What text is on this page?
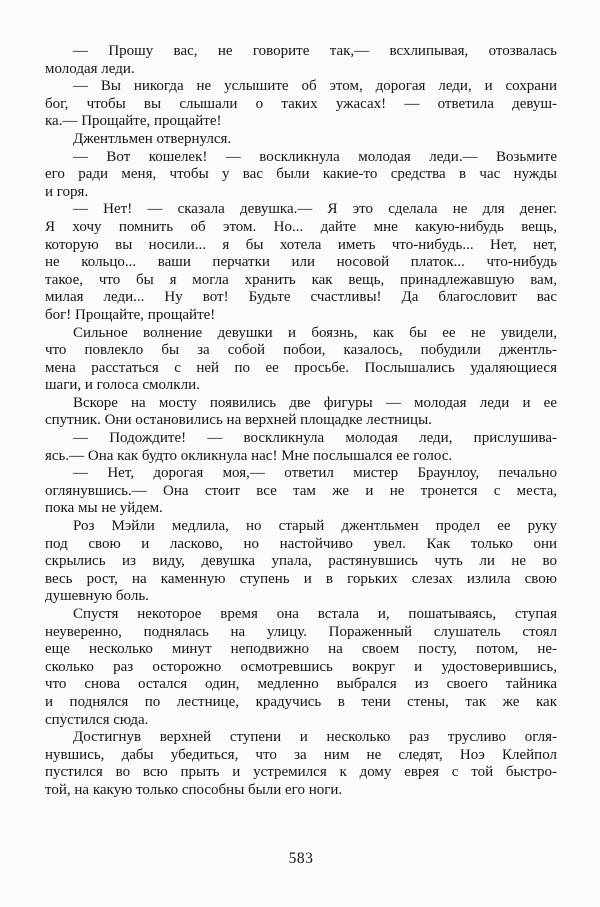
— Прошу вас, не говорите так,— всхлипывая, отозвалась
молодая леди.
— Вы никогда не услышите об этом, дорогая леди, и сохрани
бог, чтобы вы слышали о таких ужасах! — ответила девуш-
ка.— Прощайте, прощайте!
Джентльмен отвернулся.
— Вот кошелек! — воскликнула молодая леди.— Возьмите
его ради меня, чтобы у вас были какие-то средства в час нужды
и горя.
— Нет! — сказала девушка.— Я это сделала не для денег.
Я хочу помнить об этом. Но... дайте мне какую-нибудь вещь,
которую вы носили... я бы хотела иметь что-нибудь... Нет, нет,
не кольцо... ваши перчатки или носовой платок... что-нибудь
такое, что бы я могла хранить как вещь, принадлежавшую вам,
милая леди... Ну вот! Будьте счастливы! Да благословит вас
бог! Прощайте, прощайте!
Сильное волнение девушки и боязнь, как бы ее не увидели,
что повлекло бы за собой побои, казалось, побудили джентль-
мена расстаться с ней по ее просьбе. Послышались удаляющиеся
шаги, и голоса смолкли.
Вскоре на мосту появились две фигуры — молодая леди и ее
спутник. Они остановились на верхней площадке лестницы.
— Подождите! — воскликнула молодая леди, прислушива-
ясь.— Она как будто окликнула нас! Мне послышался ее голос.
— Нет, дорогая моя,— ответил мистер Браунлоу, печально
оглянувшись.— Она стоит все там же и не тронется с места,
пока мы не уйдем.
Роз Мэйли медлила, но старый джентльмен продел ее руку
под свою и ласково, но настойчиво увел. Как только они
скрылись из виду, девушка упала, растянувшись чуть ли не во
весь рост, на каменную ступень и в горьких слезах излила свою
душевную боль.
Спустя некоторое время она встала и, пошатываясь, ступая
неуверенно, поднялась на улицу. Пораженный слушатель стоял
еще несколько минут неподвижно на своем посту, потом, не-
сколько раз осторожно осмотревшись вокруг и удостоверившись,
что снова остался один, медленно выбрался из своего тайника
и поднялся по лестнице, крадучись в тени стены, так же как
спустился сюда.
Достигнув верхней ступени и несколько раз трусливо огля-
нувшись, дабы убедиться, что за ним не следят, Ноэ Клейпол
пустился во всю прыть и устремился к дому еврея с той быстро-
той, на какую только способны были его ноги.
583
